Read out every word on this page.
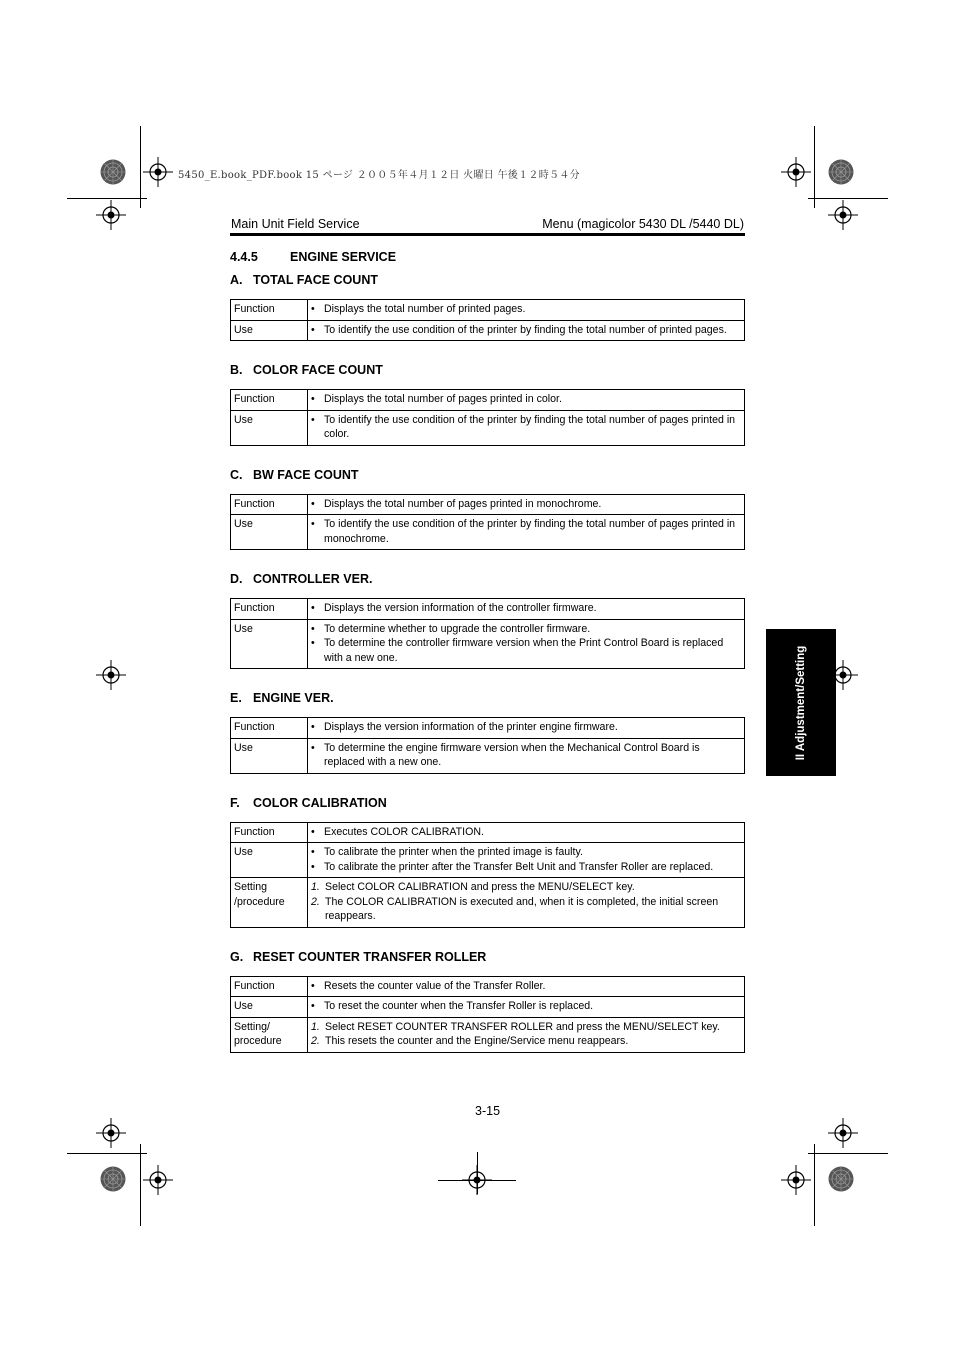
5450_E.book_PDF.book 15 ページ ２００５年４月１２日 火曜日 午後１２時５４分
Main Unit Field Service	Menu (magicolor 5430 DL /5440 DL)
4.4.5	ENGINE SERVICE
A. TOTAL FACE COUNT
Function	• Displays the total number of printed pages.

Use	• To identify the use condition of the printer by finding the total number of printed pages.
B. COLOR FACE COUNT
Function	• Displays the total number of pages printed in color.

Use	• To identify the use condition of the printer by finding the total number of pages printed in color.
C. BW FACE COUNT
Function	• Displays the total number of pages printed in monochrome.

Use	• To identify the use condition of the printer by finding the total number of pages printed in monochrome.
D. CONTROLLER VER.
Function	• Displays the version information of the controller firmware.

Use	• To determine whether to upgrade the controller firmware.
• To determine the controller firmware version when the Print Control Board is replaced with a new one.
E. ENGINE VER.
Function	• Displays the version information of the printer engine firmware.

Use	• To determine the engine firmware version when the Mechanical Control Board is replaced with a new one.
F. COLOR CALIBRATION
Function	• Executes COLOR CALIBRATION.

Use	• To calibrate the printer when the printed image is faulty.
• To calibrate the printer after the Transfer Belt Unit and Transfer Roller are replaced.

Setting /procedure	1. Select COLOR CALIBRATION and press the MENU/SELECT key.
2. The COLOR CALIBRATION is executed and, when it is completed, the initial screen reappears.
G. RESET COUNTER TRANSFER ROLLER
Function	• Resets the counter value of the Transfer Roller.

Use	• To reset the counter when the Transfer Roller is replaced.

Setting/ procedure	1. Select RESET COUNTER TRANSFER ROLLER and press the MENU/SELECT key.
2. This resets the counter and the Engine/Service menu reappears.
II Adjustment/Setting
3-15
